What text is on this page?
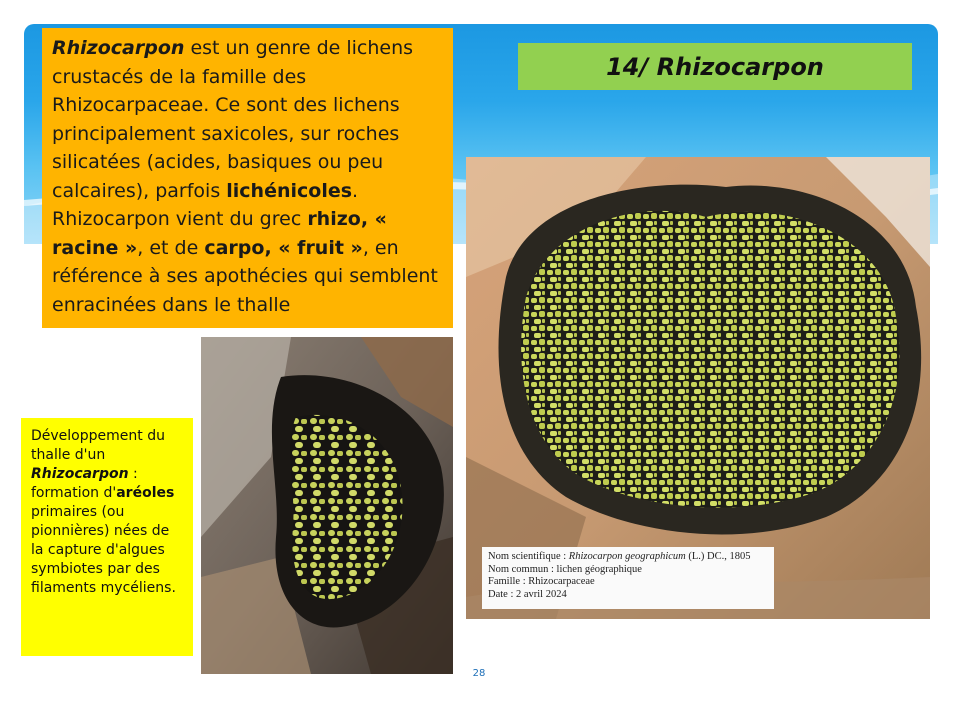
Rhizocarpon est un genre de lichens crustacés de la famille des Rhizocarpaceae. Ce sont des lichens principalement saxicoles, sur roches silicatées (acides, basiques ou peu calcaires), parfois lichénicoles. Rhizocarpon vient du grec rhizo, « racine », et de carpo, « fruit », en référence à ses apothécies qui semblent enracinées dans le thalle
14/ Rhizocarpon
Nom scientifique : Rhizocarpon geographicum (L.) DC., 1805
Nom commun : lichen géographique
Famille : Rhizocarpaceae
Date : 2 avril 2024
Développement du thalle d'un Rhizocarpon : formation d'aréoles primaires (ou pionnières) nées de la capture d'algues symbiotes par des filaments mycéliens.
28
